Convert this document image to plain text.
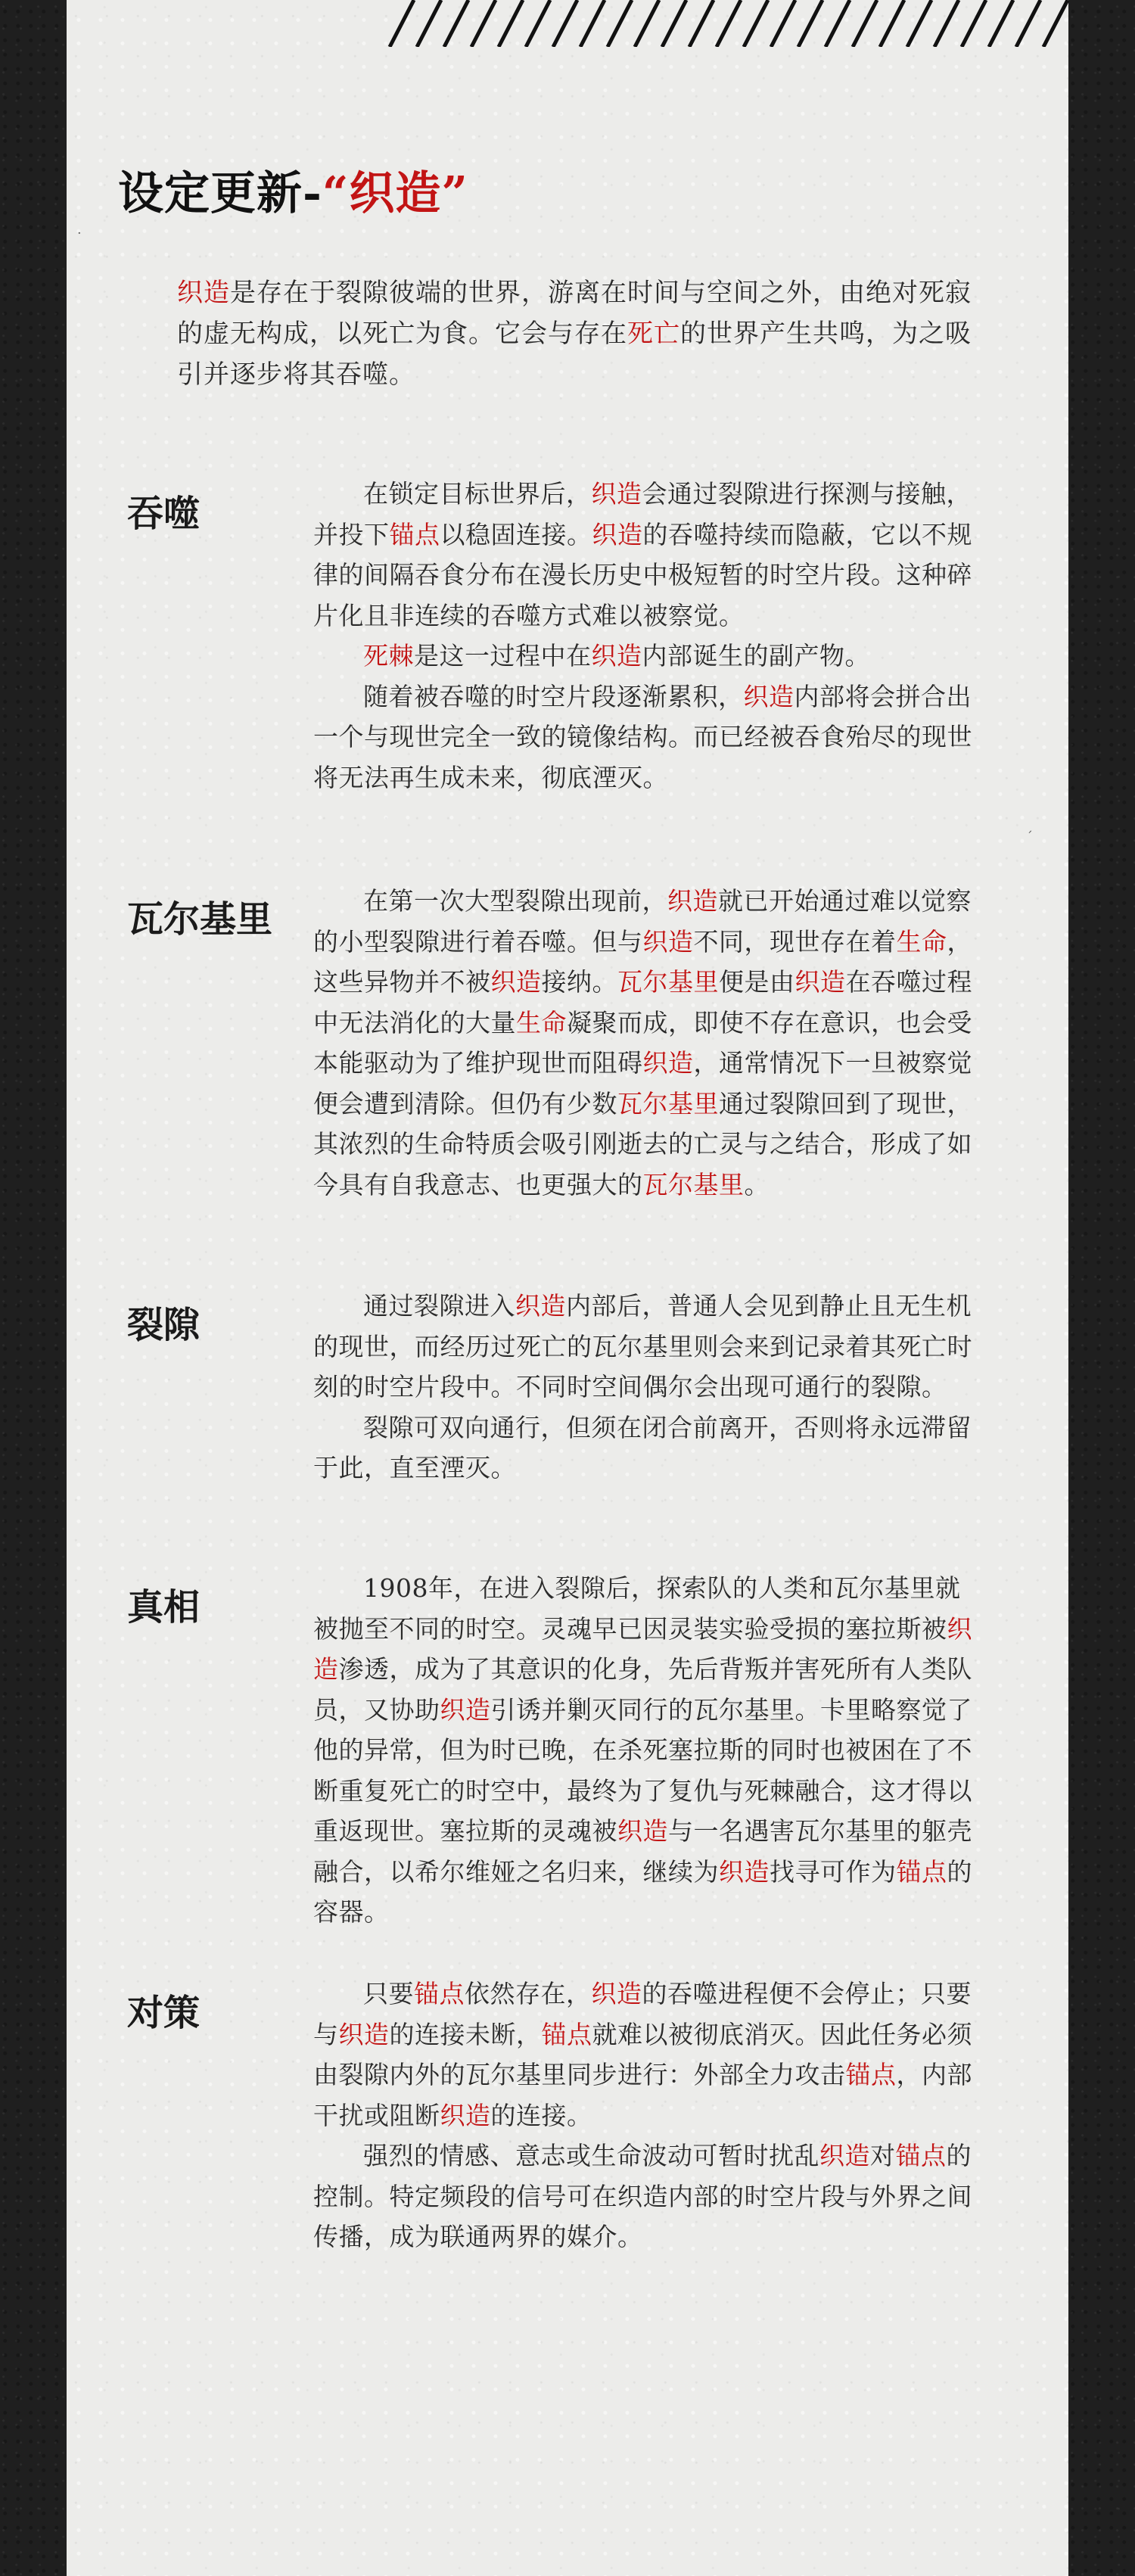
设定更新-“织造”
·

织造是存在于裂隙彼端的世界，游离在时间与空间之外，由绝对死寂的虚无构成，以死亡为食。它会与存在死亡的世界产生共鸣，为之吸引并逐步将其吞噬。

吞噬	在锁定目标世界后，织造会通过裂隙进行探测与接触，并投下锚点以稳固连接。织造的吞噬持续而隐蔽，它以不规律的间隔吞食分布在漫长历史中极短暂的时空片段。这种碎片化且非连续的吞噬方式难以被察觉。

死棘是这一过程中在织造内部诞生的副产物。

随着被吞噬的时空片段逐渐累积，织造内部将会拼合出一个与现世完全一致的镜像结构。而已经被吞食殆尽的现世将无法再生成未来，彻底湮灭。

ˊ
瓦尔基里	在第一次大型裂隙出现前，织造就已开始通过难以觉察的小型裂隙进行着吞噬。但与织造不同，现世存在着生命，这些异物并不被织造接纳。瓦尔基里便是由织造在吞噬过程中无法消化的大量生命凝聚而成，即使不存在意识，也会受本能驱动为了维护现世而阻碍织造，通常情况下一旦被察觉便会遭到清除。但仍有少数瓦尔基里通过裂隙回到了现世，其浓烈的生命特质会吸引刚逝去的亡灵与之结合，形成了如今具有自我意志、也更强大的瓦尔基里。

裂隙	通过裂隙进入织造内部后，普通人会见到静止且无生机的现世，而经历过死亡的瓦尔基里则会来到记录着其死亡时刻的时空片段中。不同时空间偶尔会出现可通行的裂隙。

裂隙可双向通行，但须在闭合前离开，否则将永远滞留于此，直至湮灭。

真相	1908年，在进入裂隙后，探索队的人类和瓦尔基里就被抛至不同的时空。灵魂早已因灵装实验受损的塞拉斯被织造渗透，成为了其意识的化身，先后背叛并害死所有人类队员，又协助织造引诱并剿灭同行的瓦尔基里。卡里略察觉了他的异常，但为时已晚，在杀死塞拉斯的同时也被困在了不断重复死亡的时空中，最终为了复仇与死棘融合，这才得以重返现世。塞拉斯的灵魂被织造与一名遇害瓦尔基里的躯壳融合，以希尔维娅之名归来，继续为织造找寻可作为锚点的容器。

对策	只要锚点依然存在，织造的吞噬进程便不会停止；只要与织造的连接未断，锚点就难以被彻底消灭。因此任务必须由裂隙内外的瓦尔基里同步进行：外部全力攻击锚点，内部干扰或阻断织造的连接。

强烈的情感、意志或生命波动可暂时扰乱织造对锚点的控制。特定频段的信号可在织造内部的时空片段与外界之间传播，成为联通两界的媒介。
